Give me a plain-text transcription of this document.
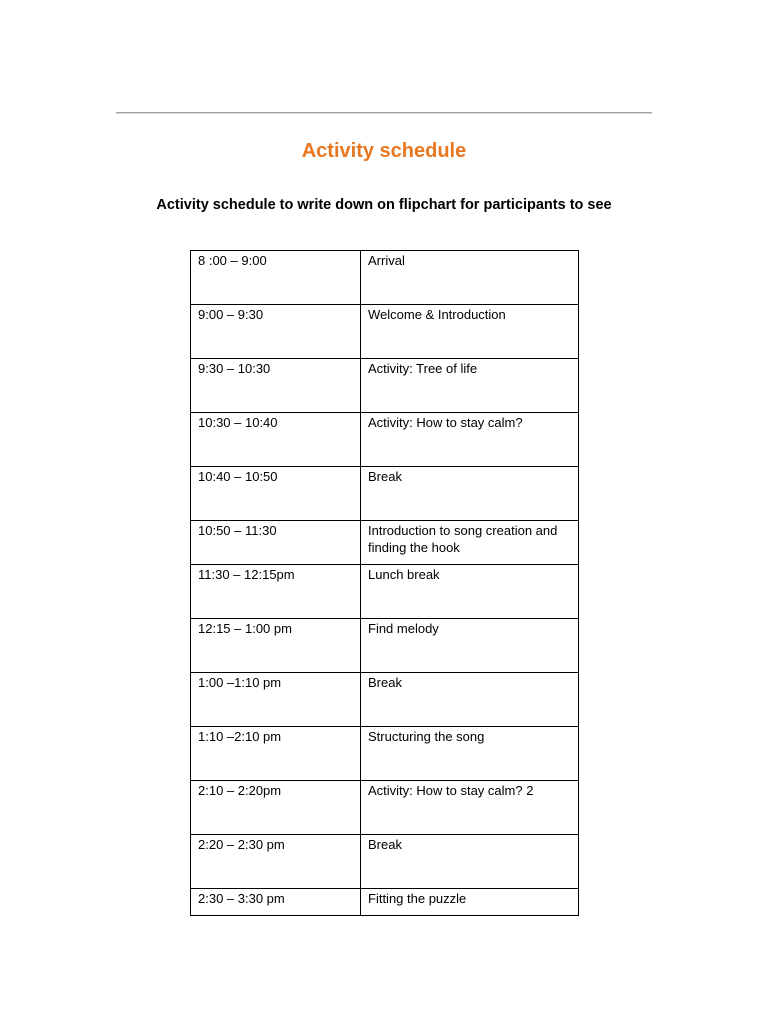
Activity schedule
Activity schedule to write down on flipchart for participants to see
8 :00 – 9:00	Arrival
9:00 – 9:30	Welcome & Introduction
9:30 – 10:30	Activity: Tree of life
10:30 – 10:40	Activity: How to stay calm?
10:40 – 10:50	Break
10:50 – 11:30	Introduction to song creation and finding the hook
11:30 – 12:15pm	Lunch break
12:15 – 1:00 pm	Find melody
1:00 –1:10 pm	Break
1:10 –2:10 pm	Structuring the song
2:10 – 2:20pm	Activity: How to stay calm? 2
2:20 – 2:30 pm	Break
2:30 – 3:30 pm	Fitting the puzzle
